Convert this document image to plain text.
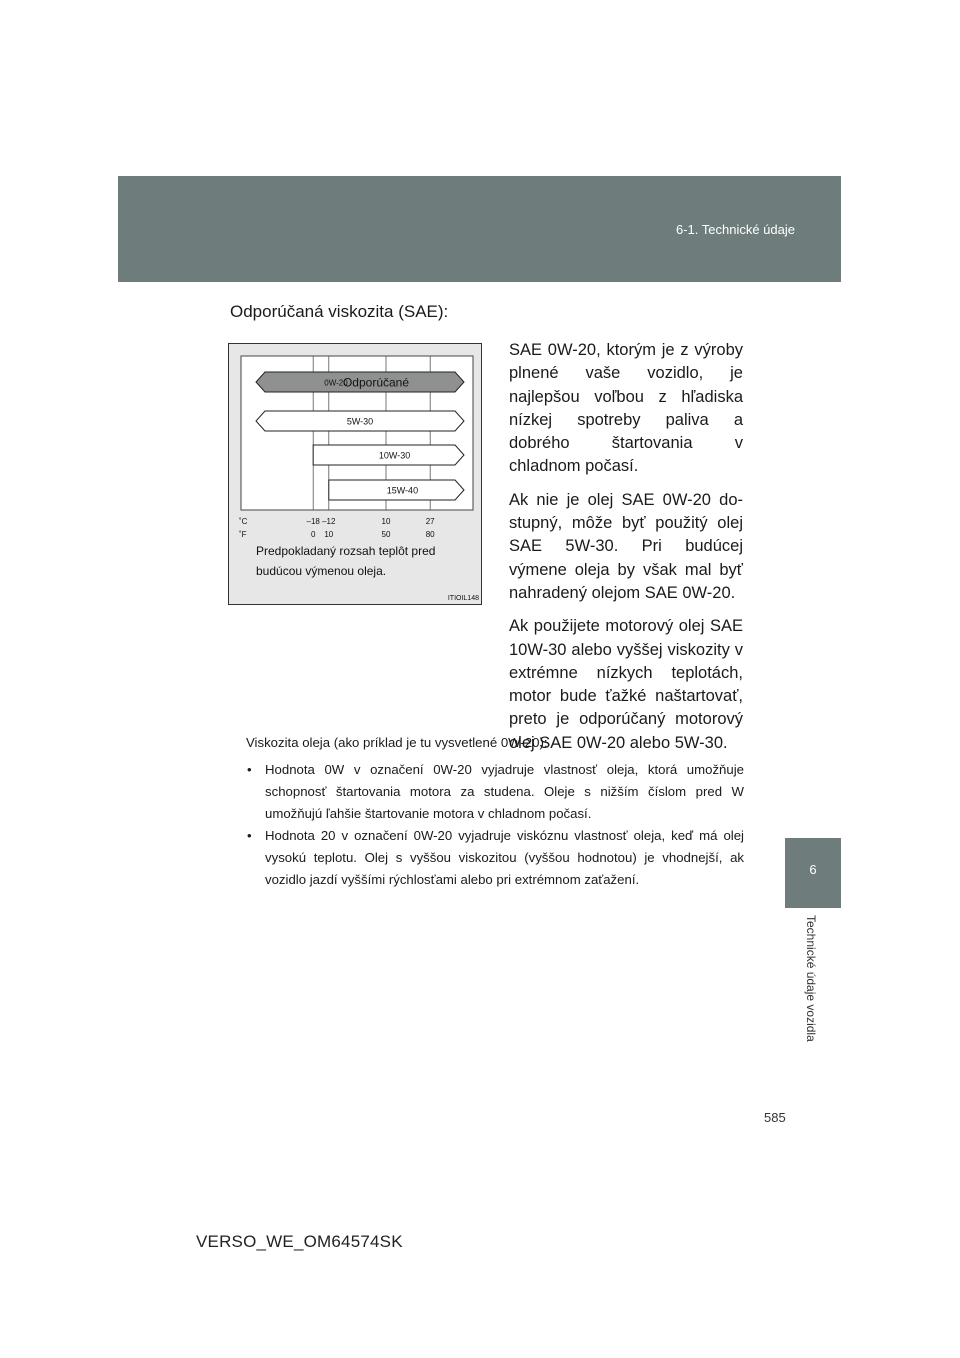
6-1. Technické údaje
6
Technické údaje vozidla
Odporúčaná viskozita (SAE):
0W-20
Odporúčané
5W-30
10W-30
15W-40
˚C
˚F
–18 –12	10	27
0 10	50	80
Predpokladaný rozsah teplôt pred
budúcou výmenou oleja.
ITIOIL148

SAE 0W-20, ktorým je z výroby plnené vaše vozidlo, je najlepšou voľbou z hľadiska nízkej spotreby paliva a dobrého štartovania v chladnom počasí.

Ak nie je olej SAE 0W-20 dostupný, môže byť použitý olej SAE 5W-30. Pri budúcej výmene oleja by však mal byť nahradený olejom SAE 0W-20.

Ak použijete motorový olej SAE 10W-30 alebo vyššej viskozity v extrémne nízkych teplotách, motor bude ťažké naštartovať, preto je odporúčaný motorový olej SAE 0W-20 alebo 5W-30.

Viskozita oleja (ako príklad je tu vysvetlené 0W-20):
• Hodnota 0W v označení 0W-20 vyjadruje vlastnosť oleja, ktorá umožňuje schopnosť štartovania motora za studena. Oleje s nižším číslom pred W umožňujú ľahšie štartovanie motora v chladnom počasí.
• Hodnota 20 v označení 0W-20 vyjadruje viskóznu vlastnosť oleja, keď má olej vysokú teplotu. Olej s vyššou viskozitou (vyššou hodnotou) je vhodnejší, ak vozidlo jazdí vyššími rýchlosťami alebo pri extrémnom zaťažení.
585
VERSO_WE_OM64574SK
